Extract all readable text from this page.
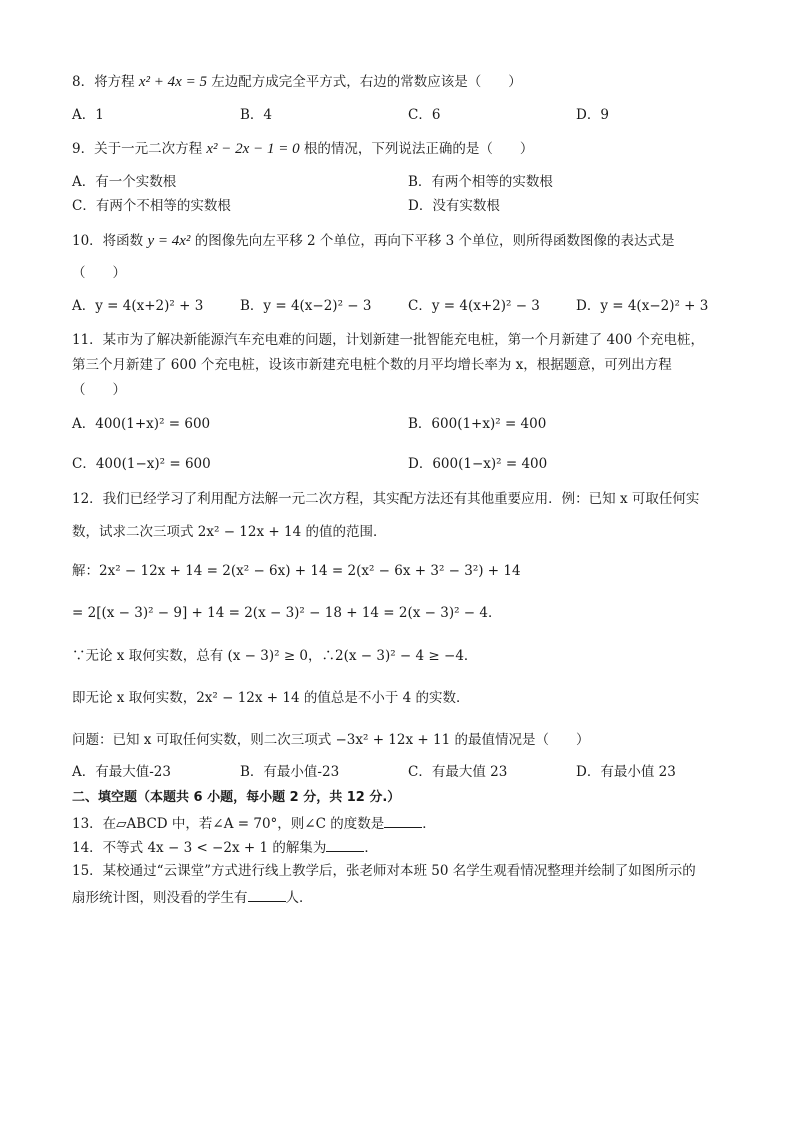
8．将方程 x² + 4x = 5 左边配方成完全平方式，右边的常数应该是（　　）
A．1	B．4	C．6	D．9
9．关于一元二次方程 x² − 2x − 1 = 0 根的情况，下列说法正确的是（　　）
A．有一个实数根	B．有两个相等的实数根
C．有两个不相等的实数根	D．没有实数根
10．将函数 y = 4x² 的图像先向左平移 2 个单位，再向下平移 3 个单位，则所得函数图像的表达式是
（　　）
A．y = 4(x+2)² + 3	B．y = 4(x−2)² − 3	C．y = 4(x+2)² − 3	D．y = 4(x−2)² + 3
11．某市为了解决新能源汽车充电难的问题，计划新建一批智能充电桩，第一个月新建了 400 个充电桩，
第三个月新建了 600 个充电桩，设该市新建充电桩个数的月平均增长率为 x，根据题意，可列出方程
（　　）
A．400(1+x)² = 600	B．600(1+x)² = 400
C．400(1−x)² = 600	D．600(1−x)² = 400
12．我们已经学习了利用配方法解一元二次方程，其实配方法还有其他重要应用．例：已知 x 可取任何实
数，试求二次三项式 2x² − 12x + 14 的值的范围．
解：2x² − 12x + 14 = 2(x² − 6x) + 14 = 2(x² − 6x + 3² − 3²) + 14
= 2[(x − 3)² − 9] + 14 = 2(x − 3)² − 18 + 14 = 2(x − 3)² − 4．
∵无论 x 取何实数，总有 (x − 3)² ≥ 0，∴2(x − 3)² − 4 ≥ −4．
即无论 x 取何实数，2x² − 12x + 14 的值总是不小于 4 的实数．
问题：已知 x 可取任何实数，则二次三项式 −3x² + 12x + 11 的最值情况是（　　）
A．有最大值-23	B．有最小值-23	C．有最大值 23	D．有最小值 23
二、填空题（本题共 6 小题，每小题 2 分，共 12 分.）
13．在▱ABCD 中，若∠A = 70°，则∠C 的度数是	．
14．不等式 4x − 3 < −2x + 1 的解集为	．
15．某校通过“云课堂”方式进行线上教学后，张老师对本班 50 名学生观看情况整理并绘制了如图所示的
扇形统计图，则没看的学生有	人．
